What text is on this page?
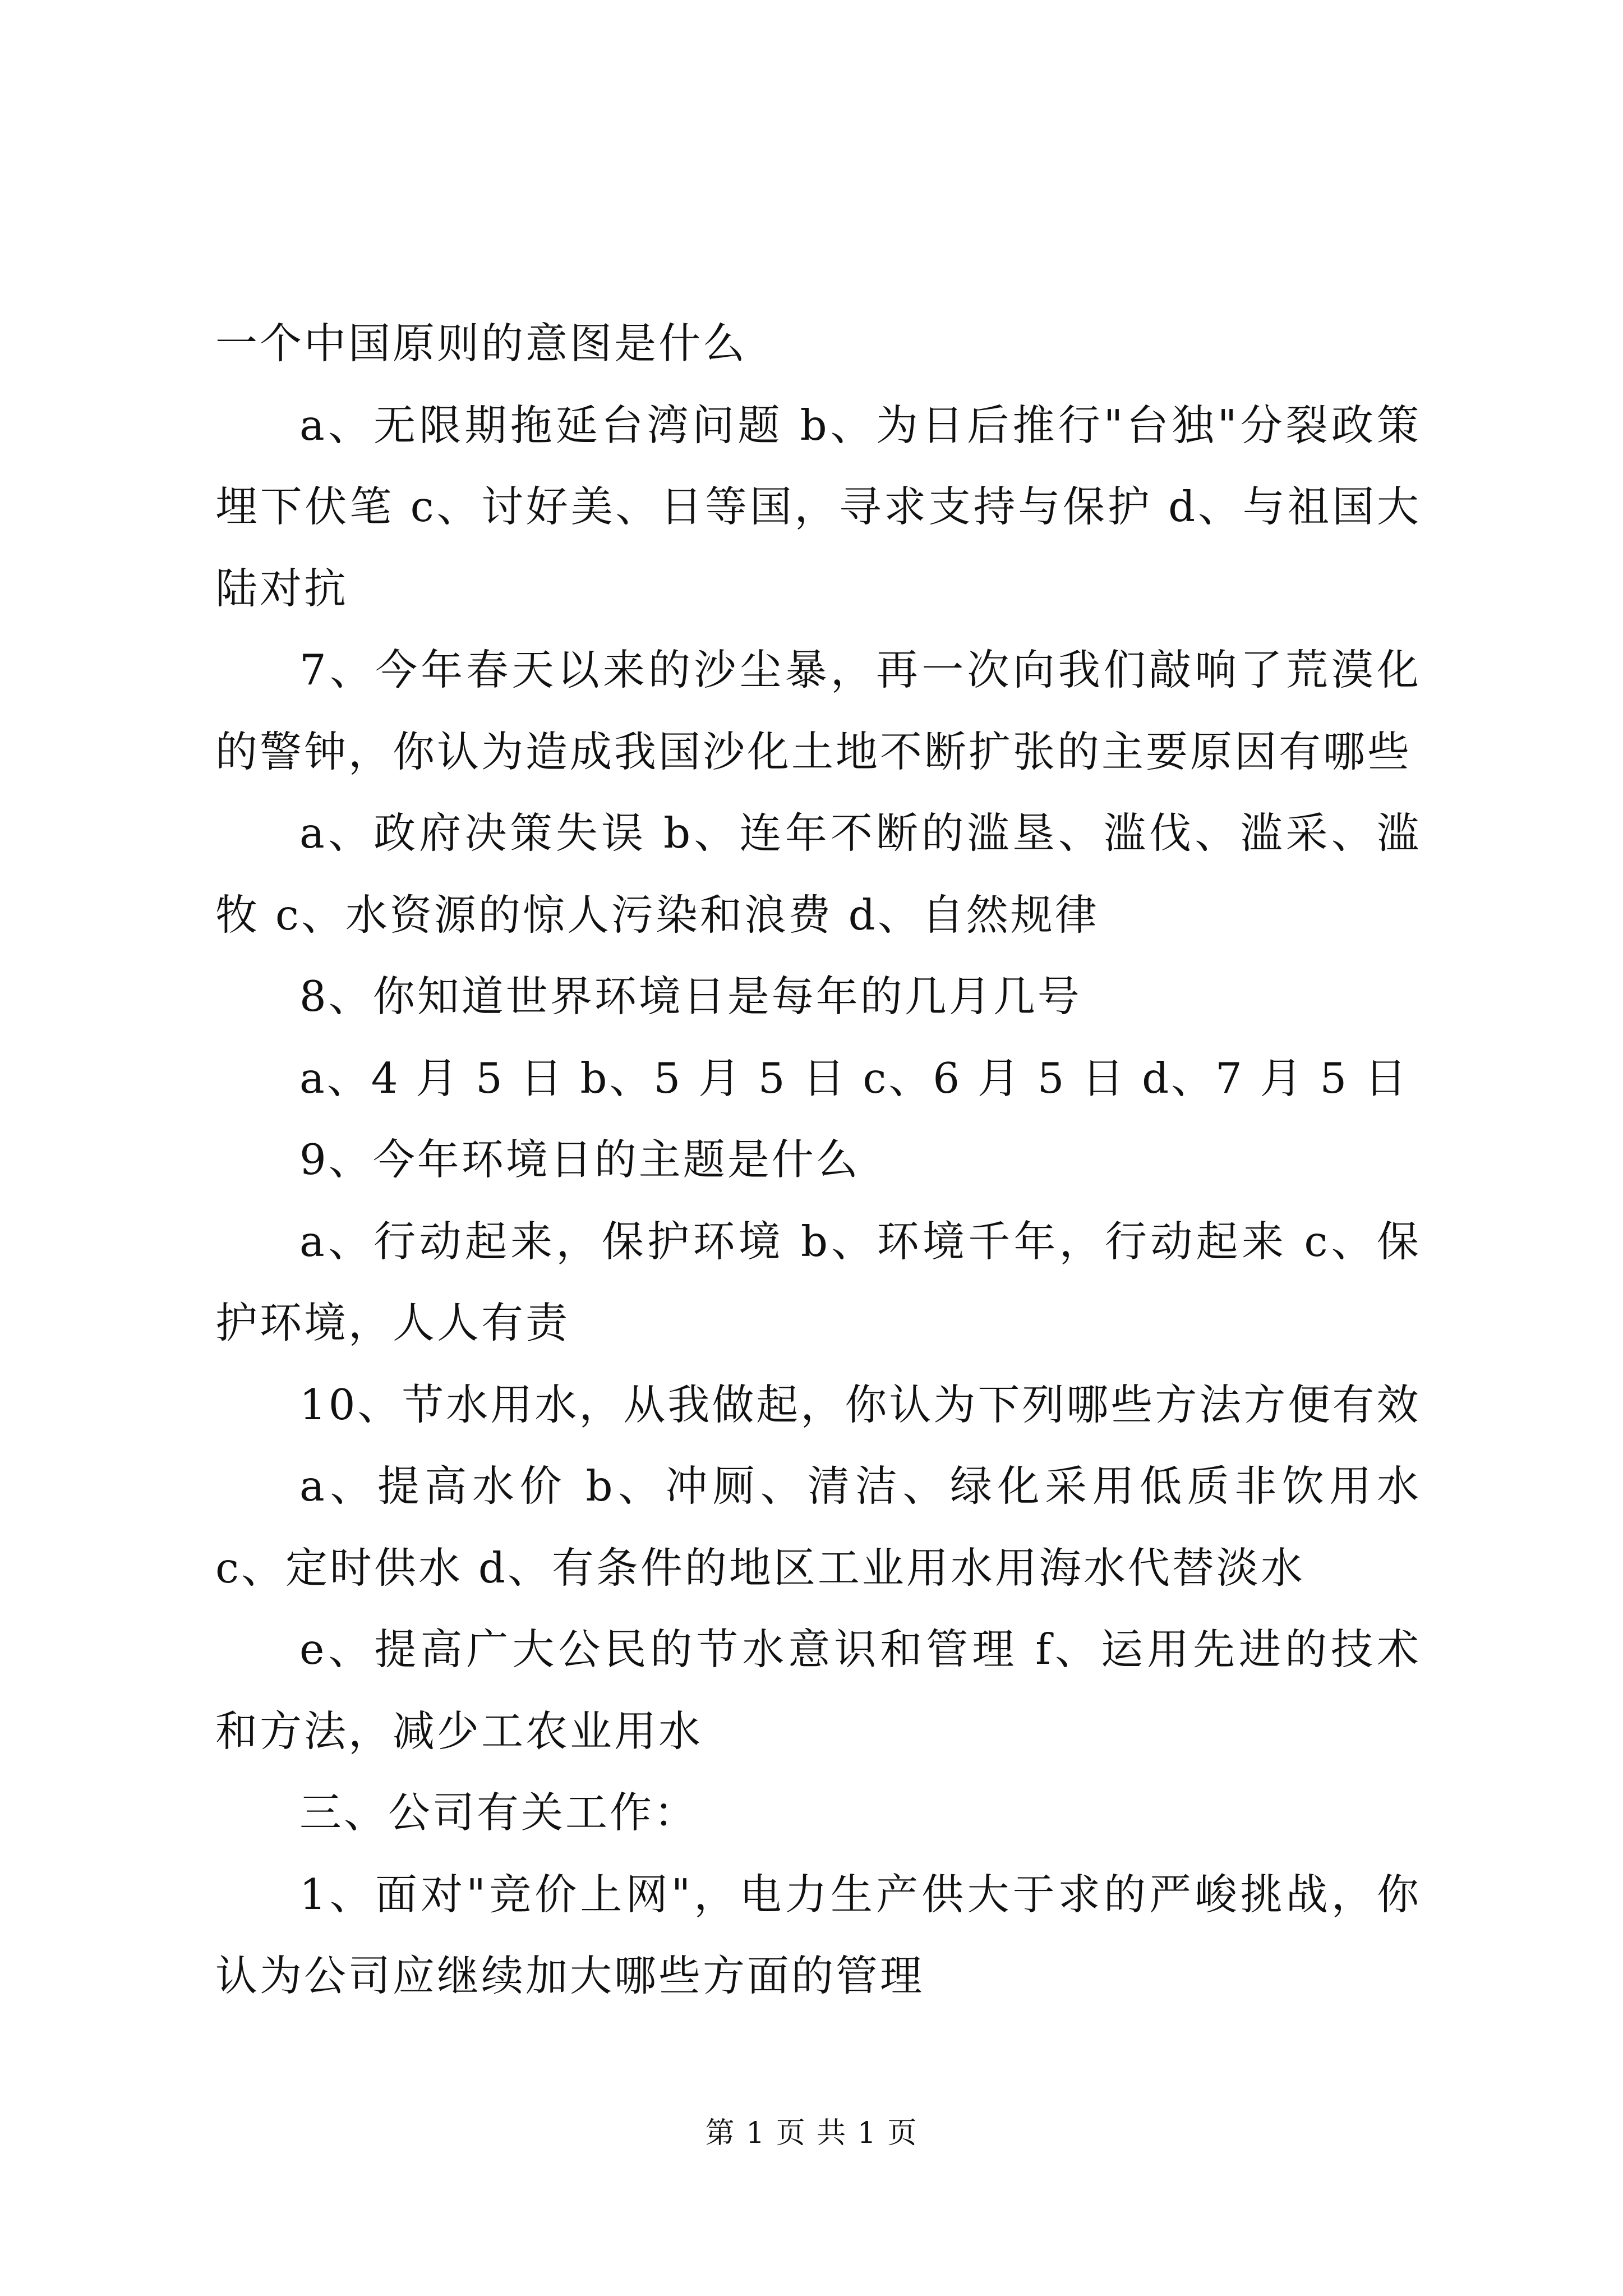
一个中国原则的意图是什么

a、无限期拖延台湾问题 b、为日后推行"台独"分裂政策埋下伏笔 c、讨好美、日等国，寻求支持与保护 d、与祖国大陆对抗

7、今年春天以来的沙尘暴，再一次向我们敲响了荒漠化的警钟，你认为造成我国沙化土地不断扩张的主要原因有哪些

a、政府决策失误 b、连年不断的滥垦、滥伐、滥采、滥牧 c、水资源的惊人污染和浪费 d、自然规律

8、你知道世界环境日是每年的几月几号

a、4 月 5 日 b、5 月 5 日 c、6 月 5 日 d、7 月 5 日

9、今年环境日的主题是什么

a、行动起来，保护环境 b、环境千年，行动起来 c、保护环境，人人有责

10、节水用水，从我做起，你认为下列哪些方法方便有效

a、提高水价 b、冲厕、清洁、绿化采用低质非饮用水 c、定时供水 d、有条件的地区工业用水用海水代替淡水

e、提高广大公民的节水意识和管理 f、运用先进的技术和方法，减少工农业用水

三、公司有关工作：

1、面对"竞价上网"，电力生产供大于求的严峻挑战，你认为公司应继续加大哪些方面的管理

第 1 页 共 1 页
